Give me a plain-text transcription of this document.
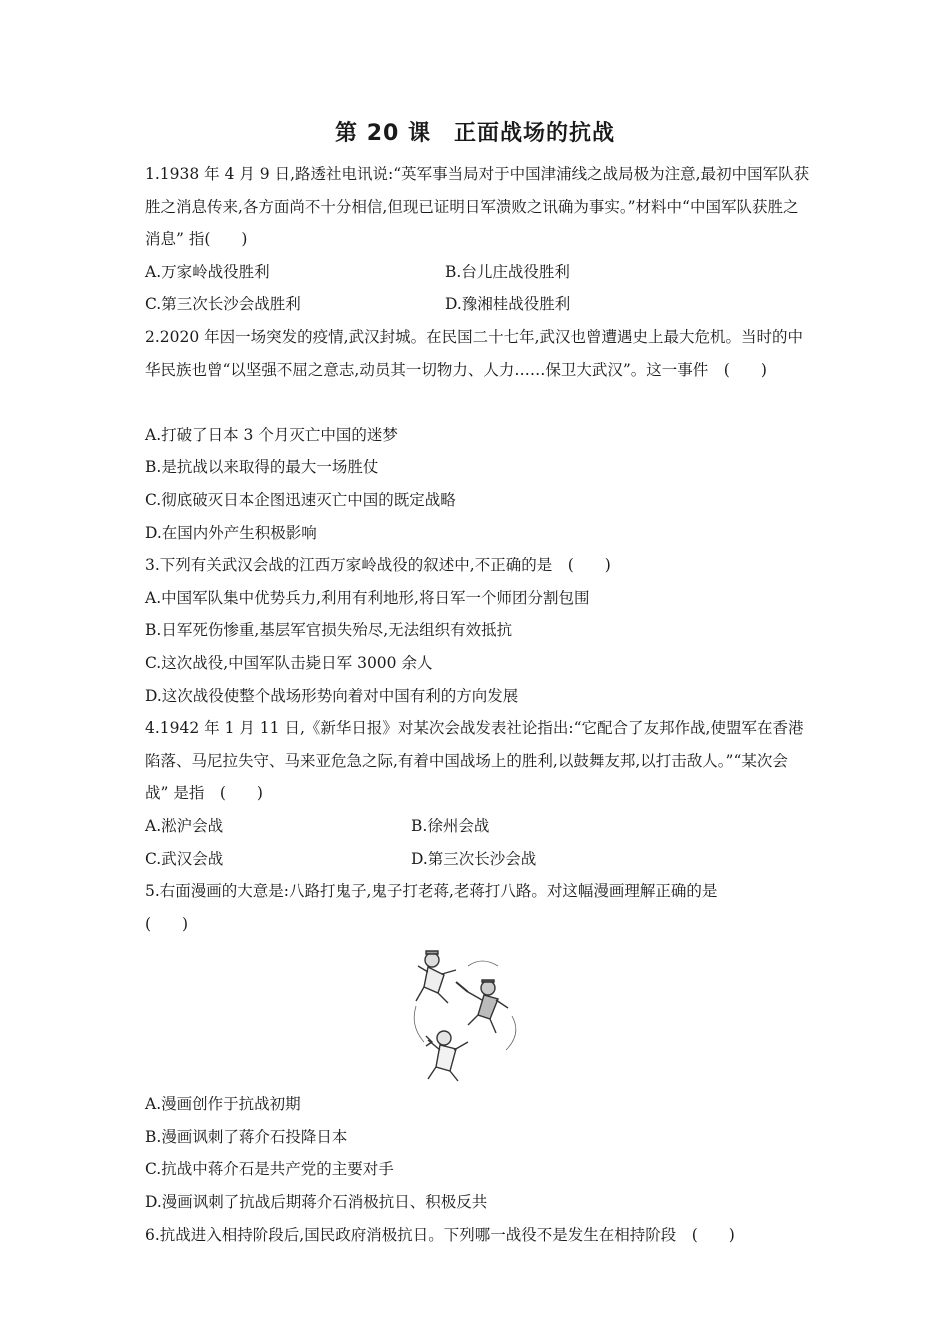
第 20 课　正面战场的抗战
1.1938 年 4 月 9 日,路透社电讯说:“英军事当局对于中国津浦线之战局极为注意,最初中国军队获胜之消息传来,各方面尚不十分相信,但现已证明日军溃败之讯确为事实。”材料中“中国军队获胜之消息” 指(　　)
A.万家岭战役胜利	B.台儿庄战役胜利
C.第三次长沙会战胜利	D.豫湘桂战役胜利
2.2020 年因一场突发的疫情,武汉封城。在民国二十七年,武汉也曾遭遇史上最大危机。当时的中华民族也曾“以坚强不屈之意志,动员其一切物力、人力……保卫大武汉”。这一事件　(　　)
A.打破了日本 3 个月灭亡中国的迷梦
B.是抗战以来取得的最大一场胜仗
C.彻底破灭日本企图迅速灭亡中国的既定战略
D.在国内外产生积极影响
3.下列有关武汉会战的江西万家岭战役的叙述中,不正确的是　(　　)
A.中国军队集中优势兵力,利用有利地形,将日军一个师团分割包围
B.日军死伤惨重,基层军官损失殆尽,无法组织有效抵抗
C.这次战役,中国军队击毙日军 3000 余人
D.这次战役使整个战场形势向着对中国有利的方向发展
4.1942 年 1 月 11 日,《新华日报》对某次会战发表社论指出:“它配合了友邦作战,使盟军在香港陷落、马尼拉失守、马来亚危急之际,有着中国战场上的胜利,以鼓舞友邦,以打击敌人。”“某次会战” 是指　(　　)
A.淞沪会战	B.徐州会战
C.武汉会战	D.第三次长沙会战
5.右面漫画的大意是:八路打鬼子,鬼子打老蒋,老蒋打八路。对这幅漫画理解正确的是　(　　)
A.漫画创作于抗战初期
B.漫画讽刺了蒋介石投降日本
C.抗战中蒋介石是共产党的主要对手
D.漫画讽刺了抗战后期蒋介石消极抗日、积极反共
6.抗战进入相持阶段后,国民政府消极抗日。下列哪一战役不是发生在相持阶段　(　　)
